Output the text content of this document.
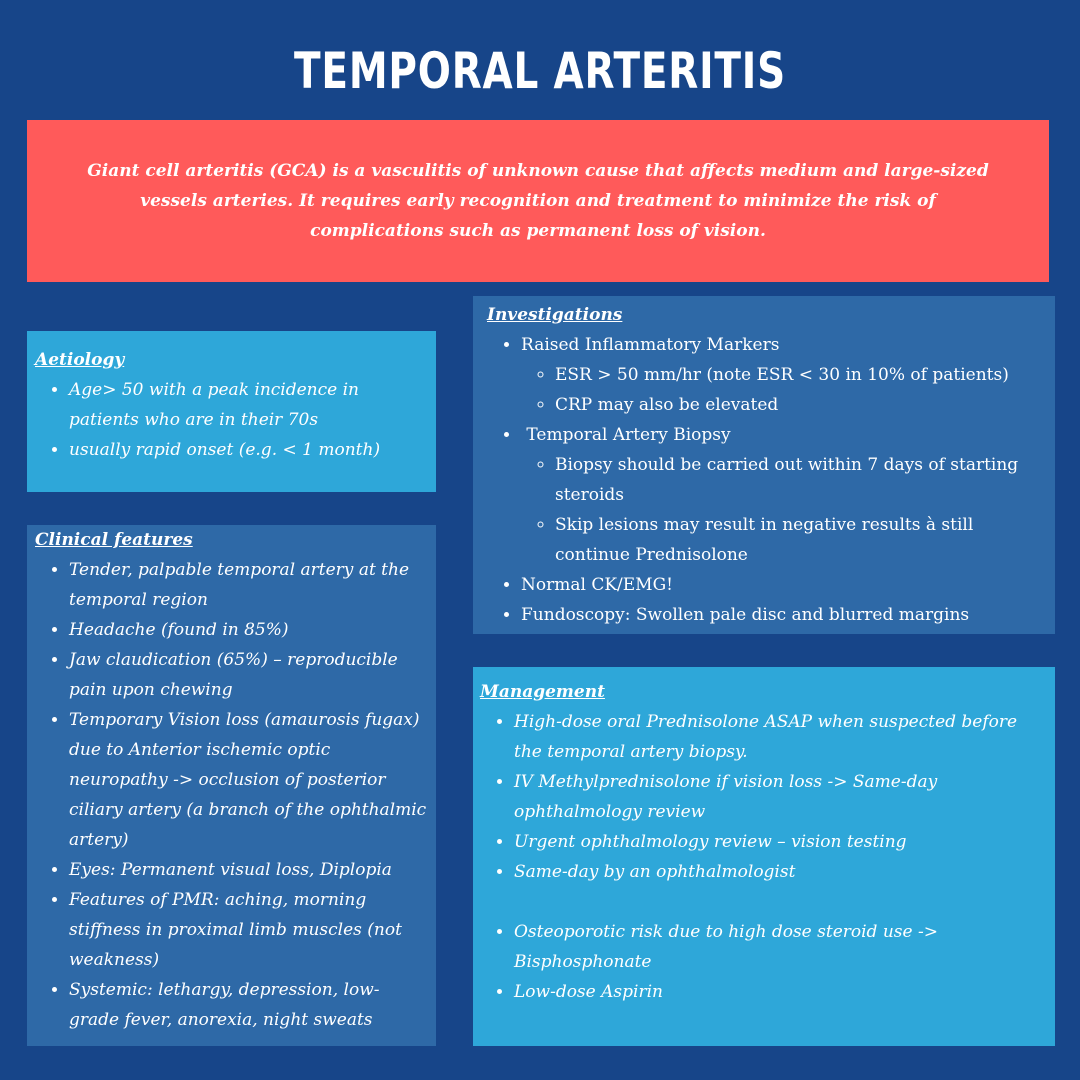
TEMPORAL ARTERITIS

Giant cell arteritis (GCA) is a vasculitis of unknown cause that affects medium and large-sized vessels arteries. It requires early recognition and treatment to minimize the risk of complications such as permanent loss of vision.

Aetiology
• Age> 50 with a peak incidence in patients who are in their 70s
• usually rapid onset (e.g. < 1 month)
Clinical features
• Tender, palpable temporal artery at the temporal region
• Headache (found in 85%)
• Jaw claudication (65%) – reproducible pain upon chewing
• Temporary Vision loss (amaurosis fugax) due to Anterior ischemic optic neuropathy -> occlusion of posterior ciliary artery (a branch of the ophthalmic artery)
• Eyes: Permanent visual loss, Diplopia
• Features of PMR: aching, morning stiffness in proximal limb muscles (not weakness)
• Systemic: lethargy, depression, low-grade fever, anorexia, night sweats
Investigations
• Raised Inflammatory Markers
◦ ESR > 50 mm/hr (note ESR < 30 in 10% of patients)
◦ CRP may also be elevated
•  Temporal Artery Biopsy
◦ Biopsy should be carried out within 7 days of starting steroids
◦ Skip lesions may result in negative results à still continue Prednisolone
• Normal CK/EMG!
• Fundoscopy: Swollen pale disc and blurred margins
Management
• High-dose oral Prednisolone ASAP when suspected before the temporal artery biopsy.
• IV Methylprednisolone if vision loss -> Same-day ophthalmology review
• Urgent ophthalmology review – vision testing
• Same-day by an ophthalmologist
• Osteoporotic risk due to high dose steroid use -> Bisphosphonate
• Low-dose Aspirin
